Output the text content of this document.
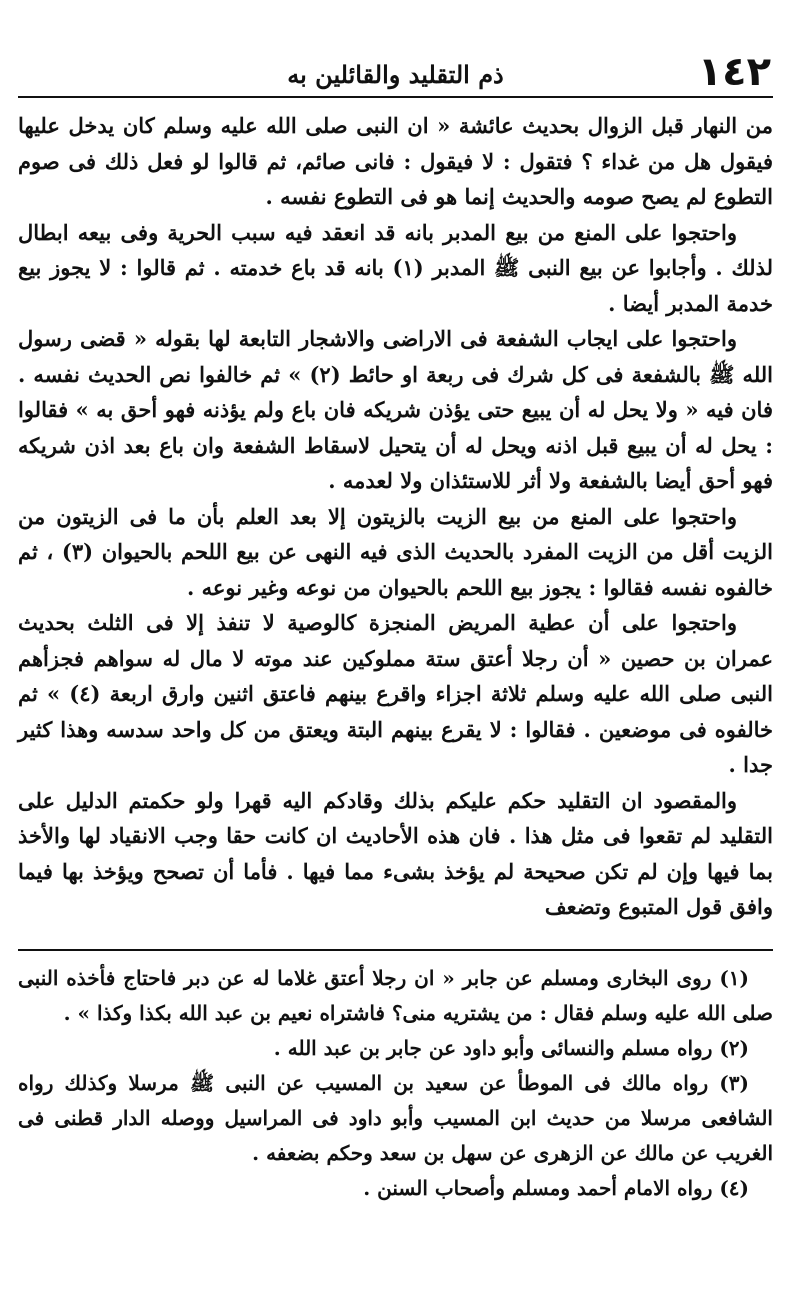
١٤٢
ذم التقليد والقائلين به

من النهار قبل الزوال بحديث عائشة « ان النبى صلى الله عليه وسلم كان يدخل عليها فيقول هل من غداء ؟ فتقول : لا فيقول : فانى صائم، ثم قالوا لو فعل ذلك فى صوم التطوع لم يصح صومه والحديث إنما هو فى التطوع نفسه .

واحتجوا على المنع من بيع المدبر بانه قد انعقد فيه سبب الحرية وفى بيعه ابطال لذلك . وأجابوا عن بيع النبى ﷺ المدبر (١) بانه قد باع خدمته . ثم قالوا : لا يجوز بيع خدمة المدبر أيضا .

واحتجوا على ايجاب الشفعة فى الاراضى والاشجار التابعة لها بقوله « قضى رسول الله ﷺ بالشفعة فى كل شرك فى ربعة او حائط (٢) » ثم خالفوا نص الحديث نفسه . فان فيه « ولا يحل له أن يبيع حتى يؤذن شريكه فان باع ولم يؤذنه فهو أحق به » فقالوا : يحل له أن يبيع قبل اذنه ويحل له أن يتحيل لاسقاط الشفعة وان باع بعد اذن شريكه فهو أحق أيضا بالشفعة ولا أثر للاستئذان ولا لعدمه .

واحتجوا على المنع من بيع الزيت بالزيتون إلا بعد العلم بأن ما فى الزيتون من الزيت أقل من الزيت المفرد بالحديث الذى فيه النهى عن بيع اللحم بالحيوان (٣) ، ثم خالفوه نفسه فقالوا : يجوز بيع اللحم بالحيوان من نوعه وغير نوعه .

واحتجوا على أن عطية المريض المنجزة كالوصية لا تنفذ إلا فى الثلث بحديث عمران بن حصين « أن رجلا أعتق ستة مملوكين عند موته لا مال له سواهم فجزأهم النبى صلى الله عليه وسلم ثلاثة اجزاء واقرع بينهم فاعتق اثنين وارق اربعة (٤) » ثم خالفوه فى موضعين . فقالوا : لا يقرع بينهم البتة ويعتق من كل واحد سدسه وهذا كثير جدا .

والمقصود ان التقليد حكم عليكم بذلك وقادكم اليه قهرا ولو حكمتم الدليل على التقليد لم تقعوا فى مثل هذا . فان هذه الأحاديث ان كانت حقا وجب الانقياد لها والأخذ بما فيها وإن لم تكن صحيحة لم يؤخذ بشىء مما فيها . فأما أن تصحح ويؤخذ بها فيما وافق قول المتبوع وتضعف

(١) روى البخارى ومسلم عن جابر « ان رجلا أعتق غلاما له عن دبر فاحتاج فأخذه النبى صلى الله عليه وسلم فقال : من يشتريه منى؟ فاشتراه نعيم بن عبد الله بكذا وكذا » .

(٢) رواه مسلم والنسائى وأبو داود عن جابر بن عبد الله .

(٣) رواه مالك فى الموطأ عن سعيد بن المسيب عن النبى ﷺ مرسلا وكذلك رواه الشافعى مرسلا من حديث ابن المسيب وأبو داود فى المراسيل ووصله الدار قطنى فى الغريب عن مالك عن الزهرى عن سهل بن سعد وحكم بضعفه .

(٤) رواه الامام أحمد ومسلم وأصحاب السنن .
